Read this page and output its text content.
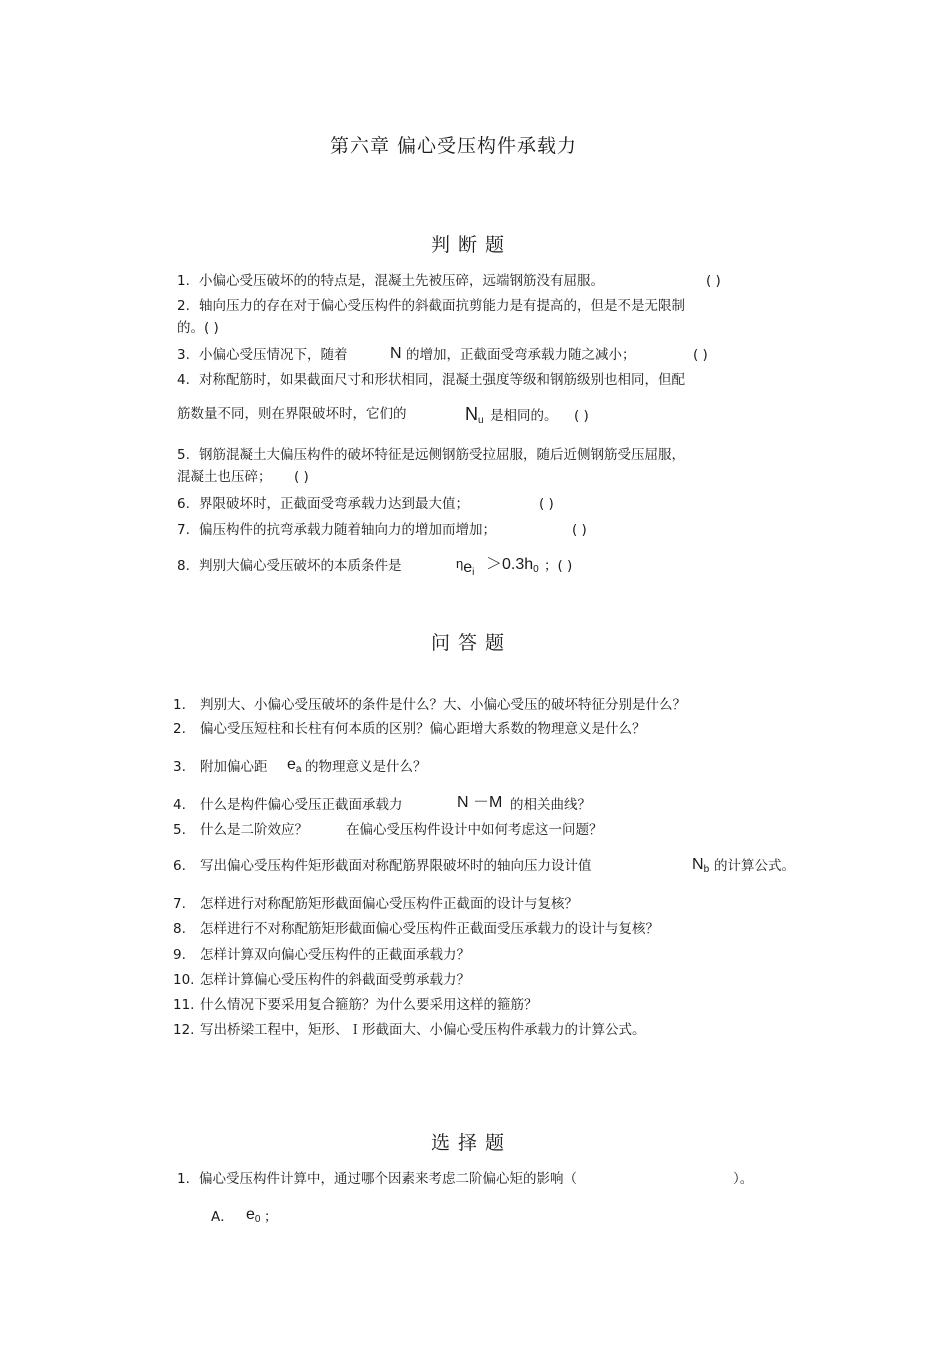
第六章 偏心受压构件承载力
判断题
1. 小偏心受压破坏的的特点是，混凝土先被压碎，远端钢筋没有屈服。	( )
2. 轴向压力的存在对于偏心受压构件的斜截面抗剪能力是有提高的，但是不是无限制
的。( )
3. 小偏心受压情况下，随着	N 的增加，正截面受弯承载力随之减小；	( )
4. 对称配筋时，如果截面尺寸和形状相同，混凝土强度等级和钢筋级别也相同，但配
筋数量不同，则在界限破坏时，它们的	$N_u$ 是相同的。 ( )
5. 钢筋混凝土大偏压构件的破坏特征是远侧钢筋受拉屈服，随后近侧钢筋受压屈服，
混凝土也压碎； ( )
6. 界限破坏时，正截面受弯承载力达到最大值；	( )
7. 偏压构件的抗弯承载力随着轴向力的增加而增加；	( )
8. 判别大偏心受压破坏的本质条件是	$^\eta e_i >0.3h_0$ ；( )
问答题
1. 判别大、小偏心受压破坏的条件是什么？大、小偏心受压的破坏特征分别是什么？
2. 偏心受压短柱和长柱有何本质的区别？偏心距增大系数的物理意义是什么？
3. 附加偏心距 $e_a$ 的物理意义是什么？
4. 什么是构件偏心受压正截面承载力	N －M 的相关曲线？
5. 什么是二阶效应？	在偏心受压构件设计中如何考虑这一问题？
6. 写出偏心受压构件矩形截面对称配筋界限破坏时的轴向压力设计值	$N_b$ 的计算公式。
7. 怎样进行对称配筋矩形截面偏心受压构件正截面的设计与复核？
8. 怎样进行不对称配筋矩形截面偏心受压构件正截面受压承载力的设计与复核？
9. 怎样计算双向偏心受压构件的正截面承载力？
10. 怎样计算偏心受压构件的斜截面受剪承载力？
11. 什么情况下要采用复合箍筋？为什么要采用这样的箍筋？
12. 写出桥梁工程中，矩形、Ｉ形截面大、小偏心受压构件承载力的计算公式。
选择题
1. 偏心受压构件计算中，通过哪个因素来考虑二阶偏心矩的影响（	）。
A． $e_0$ ；
